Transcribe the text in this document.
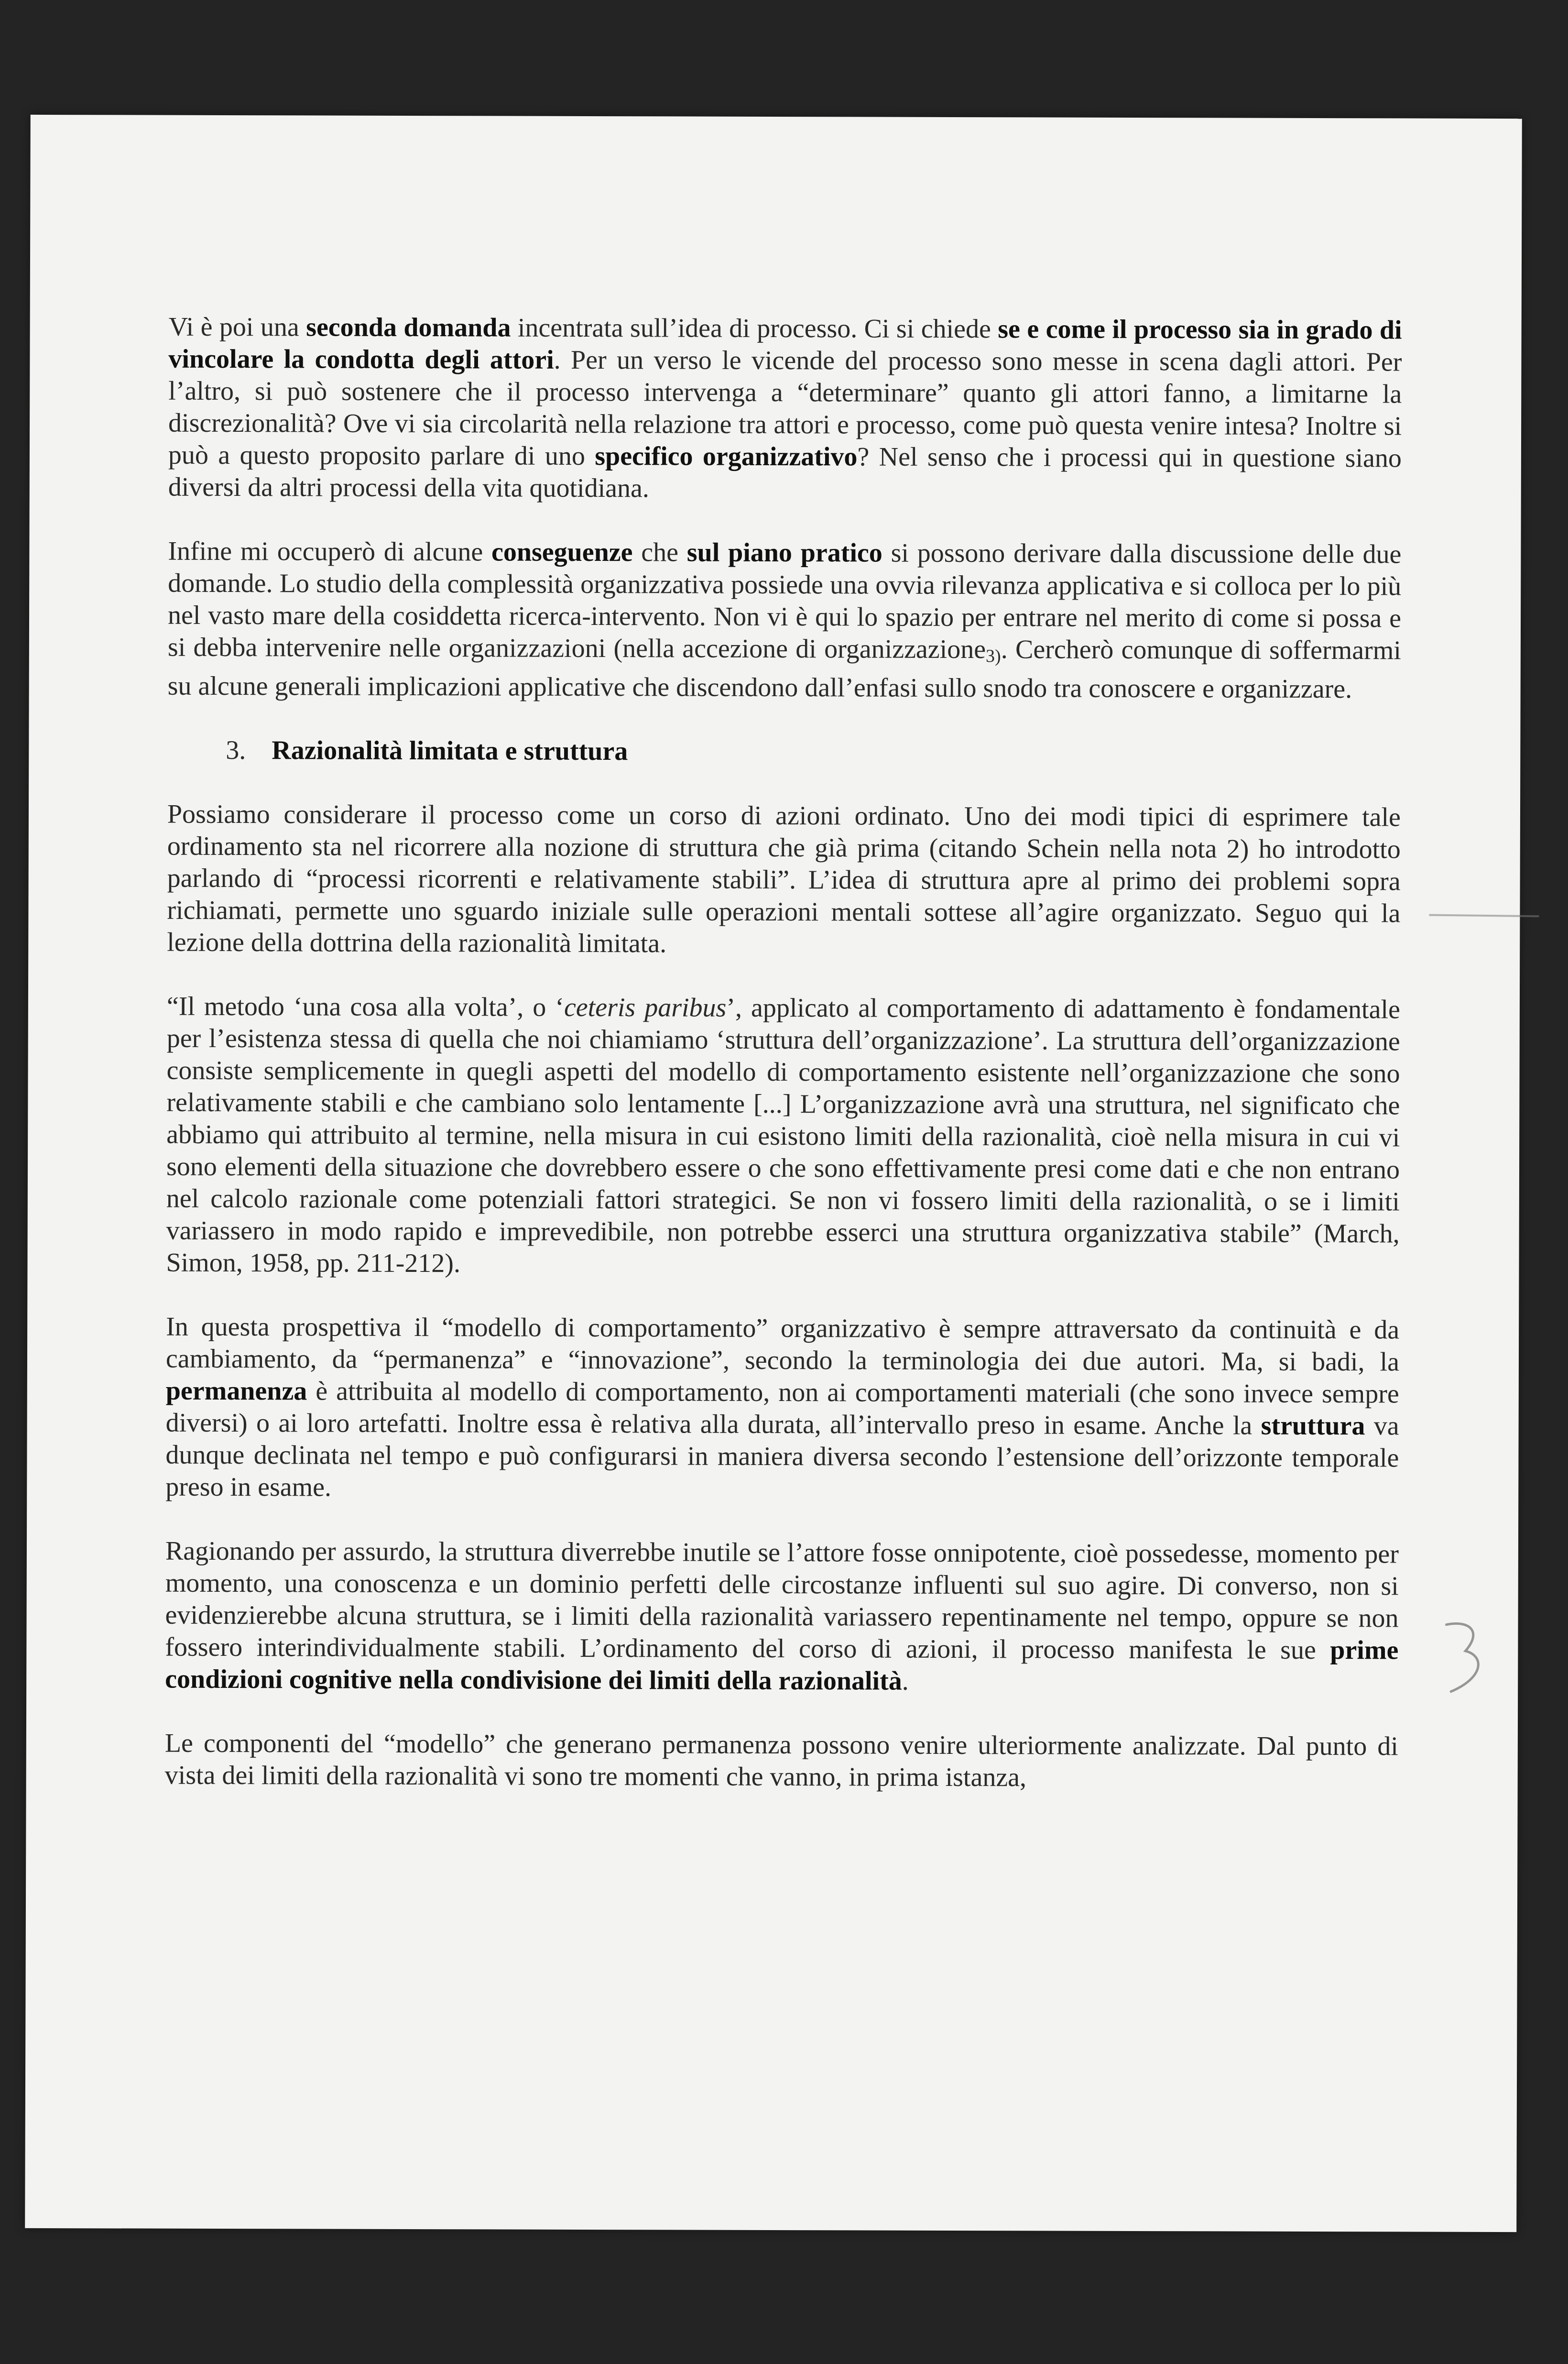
Vi è poi una seconda domanda incentrata sull’idea di processo. Ci si chiede se e come il processo sia in grado di vincolare la condotta degli attori. Per un verso le vicende del processo sono messe in scena dagli attori. Per l’altro, si può sostenere che il processo intervenga a “determinare” quanto gli attori fanno, a limitarne la discrezionalità? Ove vi sia circolarità nella relazione tra attori e processo, come può questa venire intesa? Inoltre si può a questo proposito parlare di uno specifico organizzativo? Nel senso che i processi qui in questione siano diversi da altri processi della vita quotidiana.

Infine mi occuperò di alcune conseguenze che sul piano pratico si possono derivare dalla discussione delle due domande. Lo studio della complessità organizzativa possiede una ovvia rilevanza applicativa e si colloca per lo più nel vasto mare della cosiddetta ricerca-intervento. Non vi è qui lo spazio per entrare nel merito di come si possa e si debba intervenire nelle organizzazioni (nella accezione di organizzazione$_{3)}$. Cercherò comunque di soffermarmi su alcune generali implicazioni applicative che discendono dall’enfasi sullo snodo tra conoscere e organizzare.

3. Razionalità limitata e struttura

Possiamo considerare il processo come un corso di azioni ordinato. Uno dei modi tipici di esprimere tale ordinamento sta nel ricorrere alla nozione di struttura che già prima (citando Schein nella nota 2) ho introdotto parlando di “processi ricorrenti e relativamente stabili”. L’idea di struttura apre al primo dei problemi sopra richiamati, permette uno sguardo iniziale sulle operazioni mentali sottese all’agire organizzato. Seguo qui la lezione della dottrina della razionalità limitata.

“Il metodo ‘una cosa alla volta’, o ‘ceteris paribus’, applicato al comportamento di adattamento è fondamentale per l’esistenza stessa di quella che noi chiamiamo ‘struttura dell’organizzazione’. La struttura dell’organizzazione consiste semplicemente in quegli aspetti del modello di comportamento esistente nell’organizzazione che sono relativamente stabili e che cambiano solo lentamente [...] L’organizzazione avrà una struttura, nel significato che abbiamo qui attribuito al termine, nella misura in cui esistono limiti della razionalità, cioè nella misura in cui vi sono elementi della situazione che dovrebbero essere o che sono effettivamente presi come dati e che non entrano nel calcolo razionale come potenziali fattori strategici. Se non vi fossero limiti della razionalità, o se i limiti variassero in modo rapido e imprevedibile, non potrebbe esserci una struttura organizzativa stabile” (March, Simon, 1958, pp. 211-212).

In questa prospettiva il “modello di comportamento” organizzativo è sempre attraversato da continuità e da cambiamento, da “permanenza” e “innovazione”, secondo la terminologia dei due autori. Ma, si badi, la permanenza è attribuita al modello di comportamento, non ai comportamenti materiali (che sono invece sempre diversi) o ai loro artefatti. Inoltre essa è relativa alla durata, all’intervallo preso in esame. Anche la struttura va dunque declinata nel tempo e può configurarsi in maniera diversa secondo l’estensione dell’orizzonte temporale preso in esame.

Ragionando per assurdo, la struttura diverrebbe inutile se l’attore fosse onnipotente, cioè possedesse, momento per momento, una conoscenza e un dominio perfetti delle circostanze influenti sul suo agire. Di converso, non si evidenzierebbe alcuna struttura, se i limiti della razionalità variassero repentinamente nel tempo, oppure se non fossero interindividualmente stabili. L’ordinamento del corso di azioni, il processo manifesta le sue prime condizioni cognitive nella condivisione dei limiti della razionalità.

Le componenti del “modello” che generano permanenza possono venire ulteriormente analizzate. Dal punto di vista dei limiti della razionalità vi sono tre momenti che vanno, in prima istanza,
